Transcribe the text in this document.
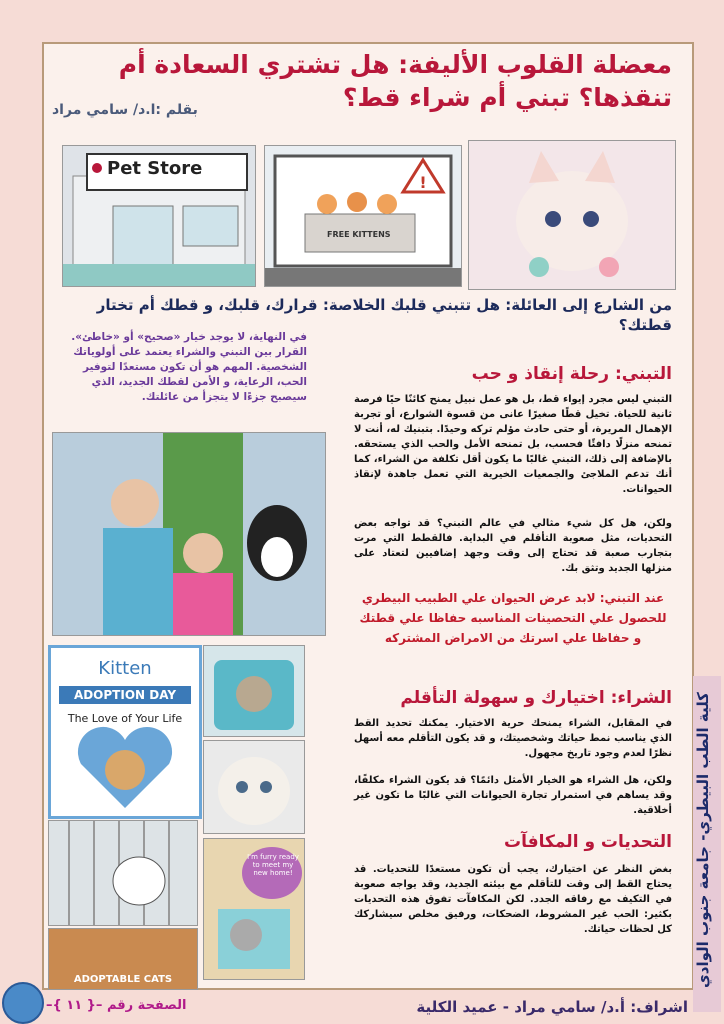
معضلة القلوب الأليفة: هل تشتري السعادة أم تنقذها؟ تبني أم شراء قط؟
بقلم :ا.د/ سامي مراد
Pet Store
!
FREE KITTENS
من الشارع إلى العائلة: هل تتبني قلبك الخلاصة: قرارك، قلبك، و قطك أم تختار قطتك؟
في النهاية، لا يوجد خيار «صحيح» أو «خاطئ». القرار بين التبني والشراء يعتمد على أولوياتك الشخصية. المهم هو أن تكون مستعدًا لتوفير الحب، الرعاية، و الأمن لقطك الجديد، الذي سيصبح جزءًا لا يتجزأ من عائلتك.
التبني: رحلة إنقاذ و حب
التبني ليس مجرد إيواء قط، بل هو عمل نبيل يمنح كائنًا حيًا فرصة ثانية للحياة. تخيل قطًا صغيرًا عانى من قسوة الشوارع، أو تجربة الإهمال المريرة، أو حتى حادث مؤلم تركه وحيدًا. بتبنيك له، أنت لا تمنحه منزلًا دافئًا فحسب، بل تمنحه الأمل والحب الذي يستحقه. بالإضافة إلى ذلك، التبني غالبًا ما يكون أقل تكلفة من الشراء، كما أنك تدعم الملاجئ والجمعيات الخيرية التي تعمل جاهدة لإنقاذ الحيوانات.
ولكن، هل كل شيء مثالي في عالم التبني؟ قد تواجه بعض التحديات، مثل صعوبة التأقلم في البداية. فالقطط التي مرت بتجارب صعبة قد تحتاج إلى وقت وجهد إضافيين لتعتاد على منزلها الجديد وتثق بك.
عند التبني: لابد عرض الحيوان علي الطبيب البيطري للحصول علي التحصينات المناسبه حفاظا علي قطتك و حفاظا علي اسرتك من الامراض المشتركه
الشراء: اختيارك و سهولة التأقلم
في المقابل، الشراء يمنحك حرية الاختيار. يمكنك تحديد القط الذي يناسب نمط حياتك وشخصيتك، و قد يكون التأقلم معه أسهل نظرًا لعدم وجود تاريخ مجهول.
ولكن، هل الشراء هو الخيار الأمثل دائمًا؟ قد يكون الشراء مكلفًا، وقد يساهم في استمرار تجارة الحيوانات التي غالبًا ما تكون غير أخلاقية.
التحديات و المكافآت
بغض النظر عن اختيارك، يجب أن تكون مستعدًا للتحديات. قد يحتاج القط إلى وقت للتأقلم مع بيئته الجديد، وقد يواجه صعوبة في التكيف مع رفاقه الجدد. لكن المكافآت تفوق هذه التحديات بكثير: الحب غير المشروط، الضحكات، ورفيق مخلص سيشاركك كل لحظات حياتك.
Kitten
ADOPTION DAY
The Love of Your Life
ADOPTABLE CATS
I'm furry ready to meet my new home!	كلية الطب البيطري- جامعة جنوب الوادي
اشراف: أ.د/ سامي مراد - عميد الكلية
الصفحة رقم –{ ١١ }–
